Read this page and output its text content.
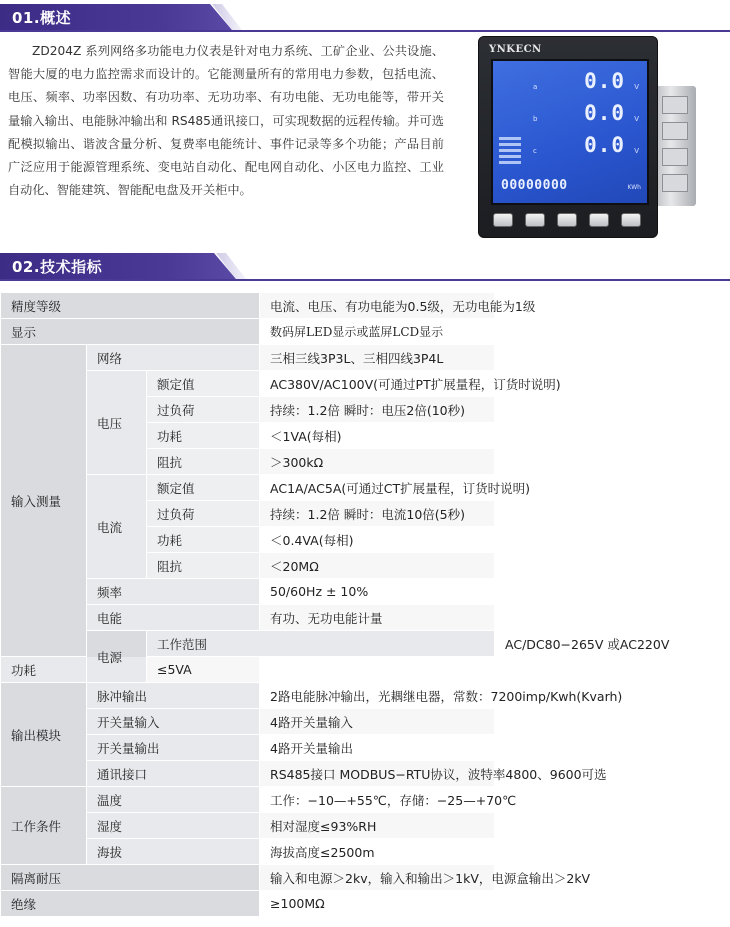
01.概述

ZD204Z 系列网络多功能电力仪表是针对电力系统、工矿企业、公共设施、智能大厦的电力监控需求而设计的。它能测量所有的常用电力参数，包括电流、电压、频率、功率因数、有功功率、无功功率、有功电能、无功电能等，带开关量输入输出、电能脉冲输出和 RS485通讯接口，可实现数据的远程传输。并可选配模拟输出、谐波含量分析、复费率电能统计、事件记录等多个功能；产品目前广泛应用于能源管理系统、变电站自动化、配电网自动化、小区电力监控、工业自动化、智能建筑、智能配电盘及开关柜中。

YNKECN
a
b
c
0.0
0.0
0.0
V
V
V
00000000	KWh
02.技术指标
精度等级			电流、电压、有功电能为0.5级，无功电能为1级	
显示			数码屏LED显示或蓝屏LCD显示	
输入测量	网络		三相三线3P3L、三相四线3P4L	
	电压	额定值	AC380V/AC100V(可通过PT扩展量程，订货时说明)	
		过负荷	持续：1.2倍 瞬时：电压2倍(10秒)	
		功耗	＜1VA(每相)	
		阻抗	＞300kΩ	
	电流	额定值	AC1A/AC5A(可通过CT扩展量程，订货时说明)	
		过负荷	持续：1.2倍 瞬时：电流10倍(5秒)	
		功耗	＜0.4VA(每相)	
		阻抗	＜20MΩ	
	频率		50/60Hz ± 10%	
	电能		有功、无功电能计量	
	电源	工作范围		AC/DC80−265V 或AC220V
功耗		≤5VA		
输出模块	脉冲输出		2路电能脉冲输出，光耦继电器，常数：7200imp/Kwh(Kvarh)	
	开关量输入		4路开关量输入	
	开关量输出		4路开关量输出	
	通讯接口		RS485接口 MODBUS−RTU协议，波特率4800、9600可选	
工作条件	温度		工作：−10—+55℃，存储：−25—+70℃	
	湿度		相对湿度≤93%RH	
	海拔		海拔高度≤2500m	
隔离耐压			输入和电源＞2kv，输入和输出＞1kV，电源盒输出＞2kV	
绝缘			≥100MΩ	
